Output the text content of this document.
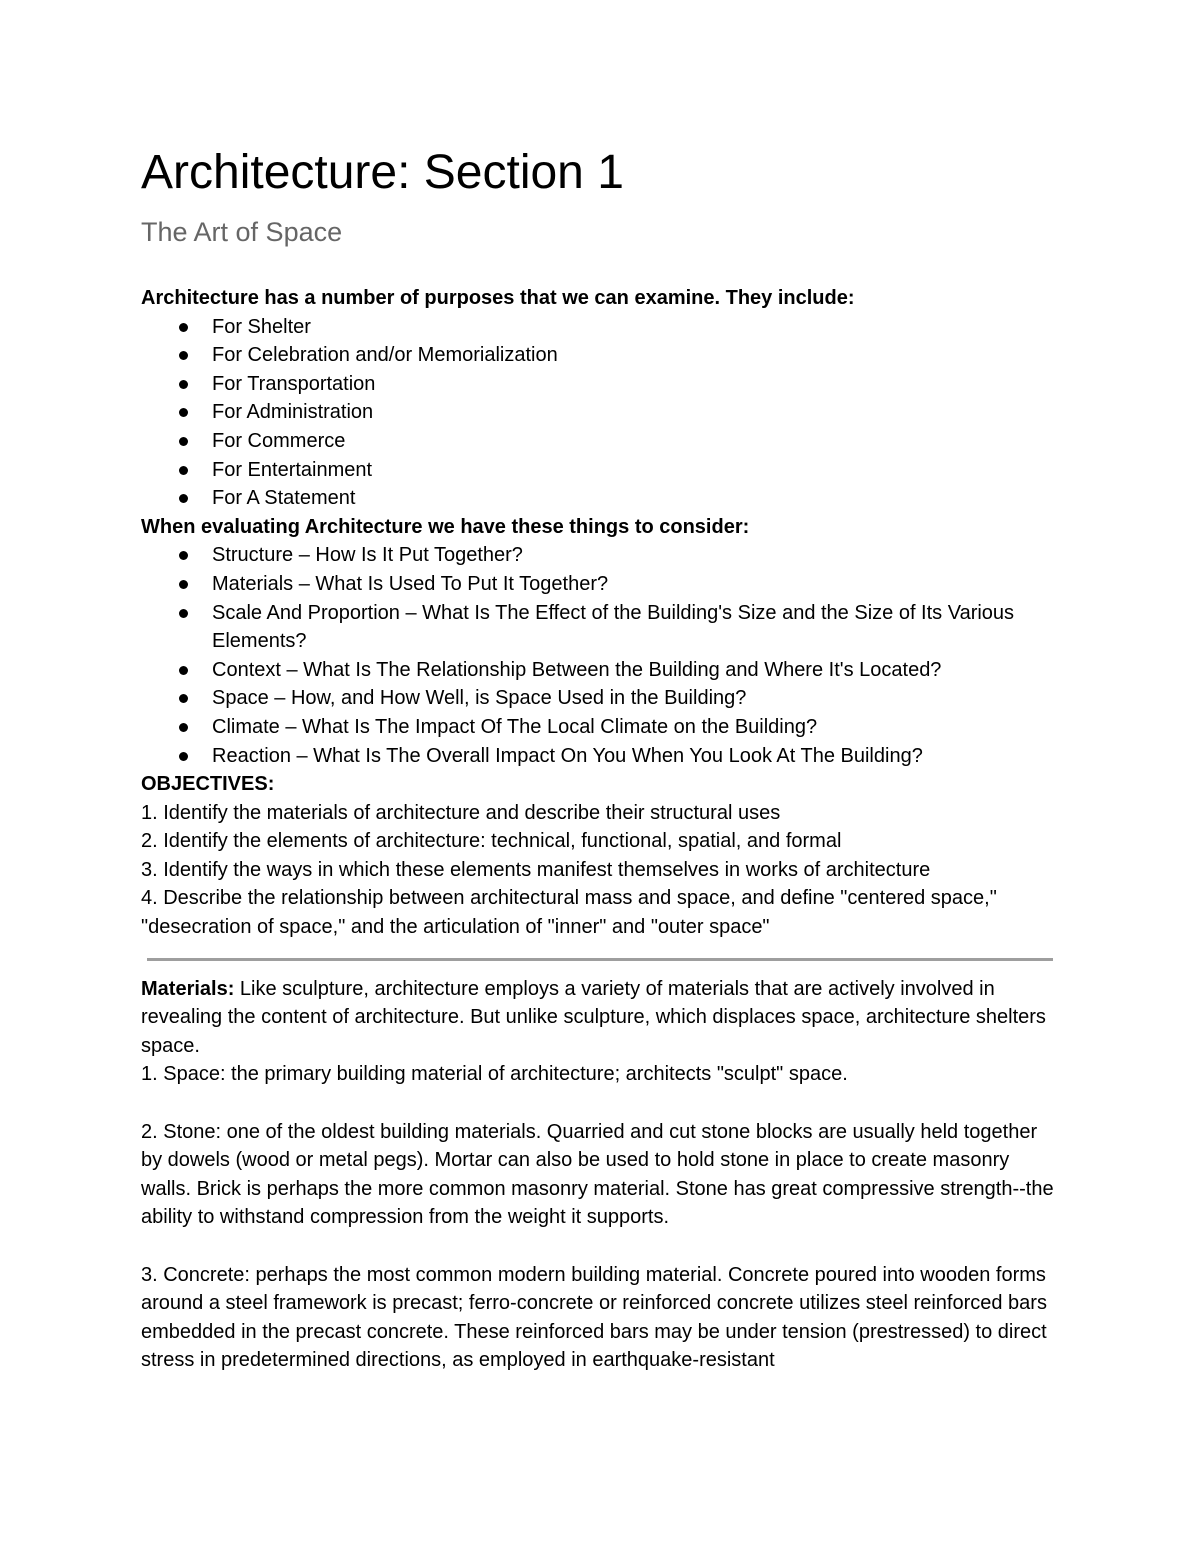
Architecture: Section 1
The Art of Space

Architecture has a number of purposes that we can examine. They include:

For Shelter
For Celebration and/or Memorialization
For Transportation
For Administration
For Commerce
For Entertainment
For A Statement

When evaluating Architecture we have these things to consider:

Structure – How Is It Put Together?
Materials – What Is Used To Put It Together?
Scale And Proportion – What Is The Effect of the Building's Size and the Size of Its Various Elements?
Context – What Is The Relationship Between the Building and Where It's Located?
Space – How, and How Well, is Space Used in the Building?
Climate – What Is The Impact Of The Local Climate on the Building?
Reaction – What Is The Overall Impact On You When You Look At The Building?

OBJECTIVES:

1. Identify the materials of architecture and describe their structural uses

2. Identify the elements of architecture: technical, functional, spatial, and formal

3. Identify the ways in which these elements manifest themselves in works of architecture

4. Describe the relationship between architectural mass and space, and define "centered space," "desecration of space," and the articulation of "inner" and "outer space"

Materials: Like sculpture, architecture employs a variety of materials that are actively involved in revealing the content of architecture. But unlike sculpture, which displaces space, architecture shelters space.

1. Space: the primary building material of architecture; architects "sculpt" space.

2. Stone: one of the oldest building materials. Quarried and cut stone blocks are usually held together by dowels (wood or metal pegs). Mortar can also be used to hold stone in place to create masonry walls. Brick is perhaps the more common masonry material. Stone has great compressive strength--the ability to withstand compression from the weight it supports.

3. Concrete: perhaps the most common modern building material. Concrete poured into wooden forms around a steel framework is precast; ferro-concrete or reinforced concrete utilizes steel reinforced bars embedded in the precast concrete. These reinforced bars may be under tension (prestressed) to direct stress in predetermined directions, as employed in earthquake-resistant
